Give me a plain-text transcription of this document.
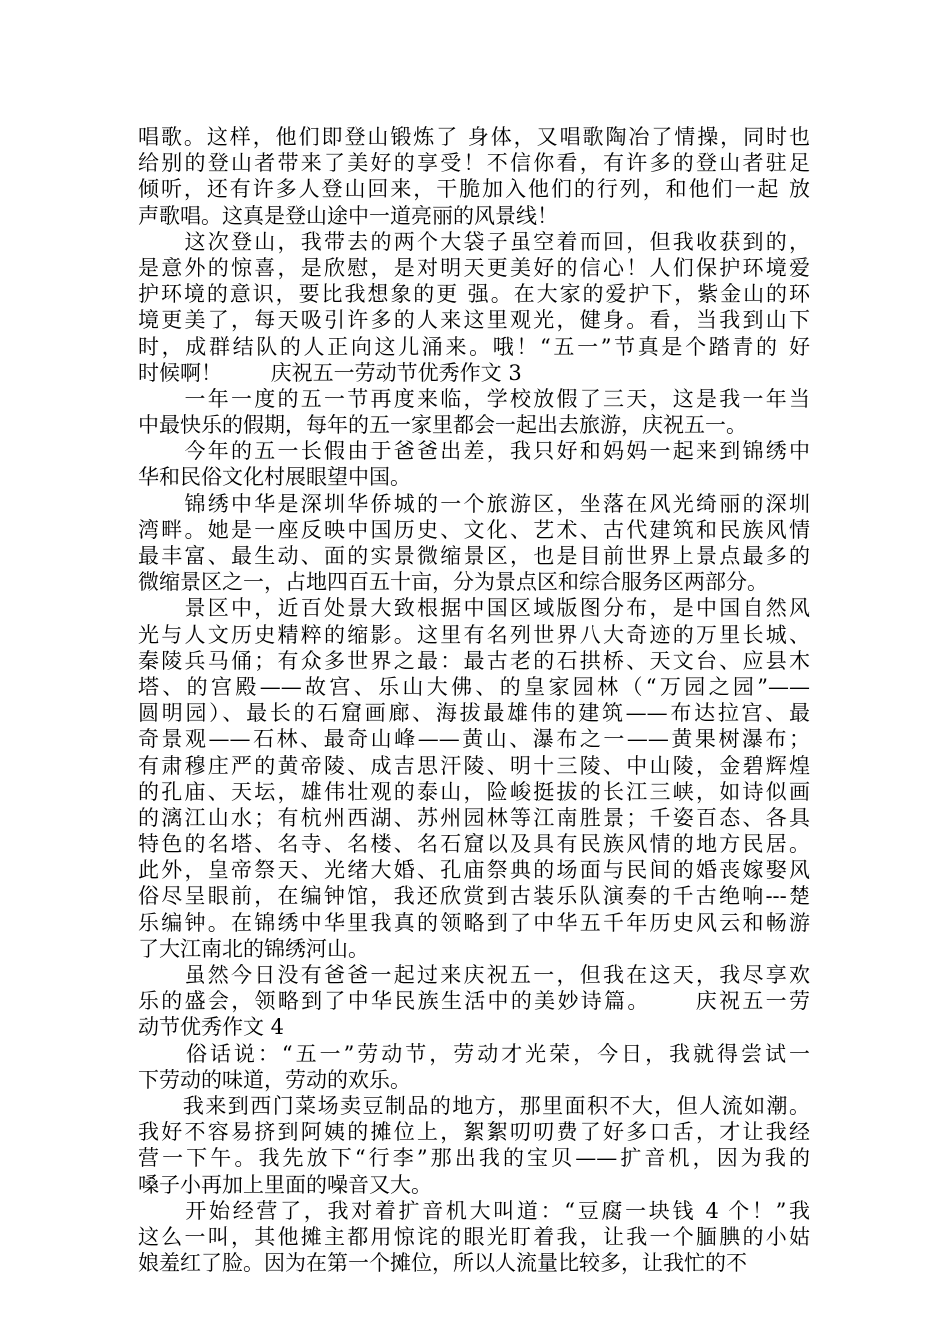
唱歌。这样，他们即登山锻炼了 身体，又唱歌陶冶了情操，同时也
给别的登山者带来了美好的享受！不信你看，有许多的登山者驻足
倾听，还有许多人登山回来，干脆加入他们的行列，和他们一起 放
声歌唱。这真是登山途中一道亮丽的风景线！
　　这次登山，我带去的两个大袋子虽空着而回，但我收获到的，
是意外的惊喜，是欣慰，是对明天更美好的信心！人们保护环境爱
护环境的意识，要比我想象的更 强。在大家的爱护下，紫金山的环
境更美了，每天吸引许多的人来这里观光，健身。看，当我到山下
时，成群结队的人正向这儿涌来。哦！“五一”节真是个踏青的 好
时候啊！　　 庆祝五一劳动节优秀作文 3
　　一年一度的五一节再度来临，学校放假了三天，这是我一年当
中最快乐的假期，每年的五一家里都会一起出去旅游，庆祝五一。
　　今年的五一长假由于爸爸出差，我只好和妈妈一起来到锦绣中
华和民俗文化村展眼望中国。
　　锦绣中华是深圳华侨城的一个旅游区，坐落在风光绮丽的深圳
湾畔。她是一座反映中国历史、文化、艺术、古代建筑和民族风情
最丰富、最生动、面的实景微缩景区，也是目前世界上景点最多的
微缩景区之一，占地四百五十亩，分为景点区和综合服务区两部分。
　　景区中，近百处景大致根据中国区域版图分布，是中国自然风
光与人文历史精粹的缩影。这里有名列世界八大奇迹的万里长城、
秦陵兵马俑；有众多世界之最：最古老的石拱桥、天文台、应县木
塔、的宫殿——故宫、乐山大佛、的皇家园林（“万园之园”——
圆明园）、最长的石窟画廊、海拔最雄伟的建筑——布达拉宫、最
奇景观——石林、最奇山峰——黄山、瀑布之一——黄果树瀑布；
有肃穆庄严的黄帝陵、成吉思汗陵、明十三陵、中山陵，金碧辉煌
的孔庙、天坛，雄伟壮观的泰山，险峻挺拔的长江三峡，如诗似画
的漓江山水；有杭州西湖、苏州园林等江南胜景；千姿百态、各具
特色的名塔、名寺、名楼、名石窟以及具有民族风情的地方民居。
此外，皇帝祭天、光绪大婚、孔庙祭典的场面与民间的婚丧嫁娶风
俗尽呈眼前，在编钟馆，我还欣赏到古装乐队演奏的千古绝响---楚
乐编钟。在锦绣中华里我真的领略到了中华五千年历史风云和畅游
了大江南北的锦绣河山。
　　虽然今日没有爸爸一起过来庆祝五一，但我在这天，我尽享欢
乐的盛会，领略到了中华民族生活中的美妙诗篇。　　 庆祝五一劳
动节优秀作文 4
　　俗话说：“五一”劳动节，劳动才光荣，今日，我就得尝试一
下劳动的味道，劳动的欢乐。
　　我来到西门菜场卖豆制品的地方，那里面积不大，但人流如潮。
我好不容易挤到阿姨的摊位上，絮絮叨叨费了好多口舌，才让我经
营一下午。我先放下“行李”那出我的宝贝——扩音机，因为我的
嗓子小再加上里面的噪音又大。
　　开始经营了，我对着扩音机大叫道：“豆腐一块钱 4 个！”我
这么一叫，其他摊主都用惊诧的眼光盯着我，让我一个腼腆的小姑
娘羞红了脸。因为在第一个摊位，所以人流量比较多，让我忙的不
